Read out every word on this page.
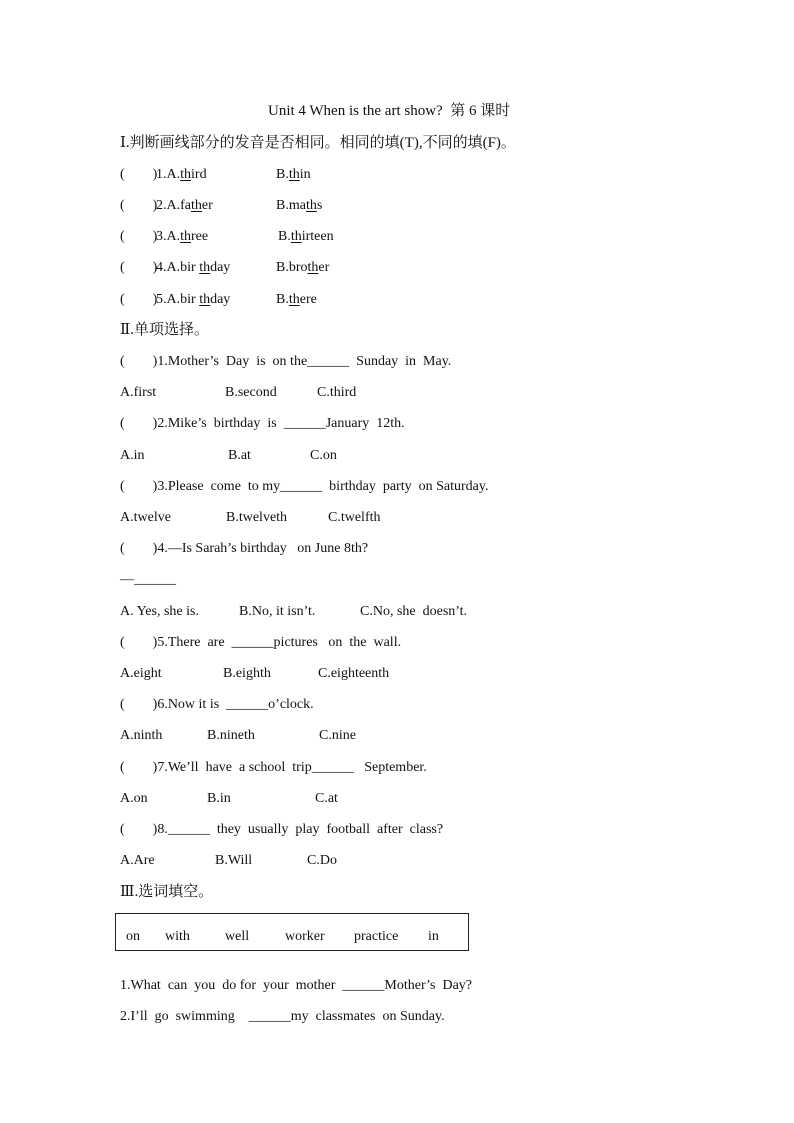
Unit 4 When is the art show?  第 6 课时
Ⅰ.判断画线部分的发音是否相同。相同的填(T),不同的填(F)。
(        )
1.A.third	B.thin
(        )
2.A.father	B.maths
(        )
3.A.three	B.thirteen
(        )
4.A.bir thday	B.brother
(        )
5.A.bir thday	B.there
Ⅱ.单项选择。
(        )1.Mother’s  Day  is  on the______  Sunday  in  May.
A.first	B.second	C.third
(        )2.Mike’s  birthday  is  ______January  12th.
A.in	B.at	C.on
(        )3.Please  come  to my______  birthday  party  on Saturday.
A.twelve	B.twelveth	C.twelfth
(        )4.—Is Sarah’s birthday   on June 8th?
—______
A. Yes, she is.	B.No, it isn’t.	C.No, she  doesn’t.
(        )5.There  are  ______pictures   on  the  wall.
A.eight	B.eighth	C.eighteenth
(        )6.Now it is  ______o’clock.
A.ninth	B.nineth	C.nine
(        )7.We’ll  have  a school  trip______   September.
A.on	B.in	C.at
(        )8.______  they  usually  play  football  after  class?
A.Are	B.Will	C.Do
Ⅲ.选词填空。
on with	well	worker practice in
1.What  can  you  do for  your  mother  ______Mother’s  Day?
2.I’ll  go  swimming    ______my  classmates  on Sunday.
